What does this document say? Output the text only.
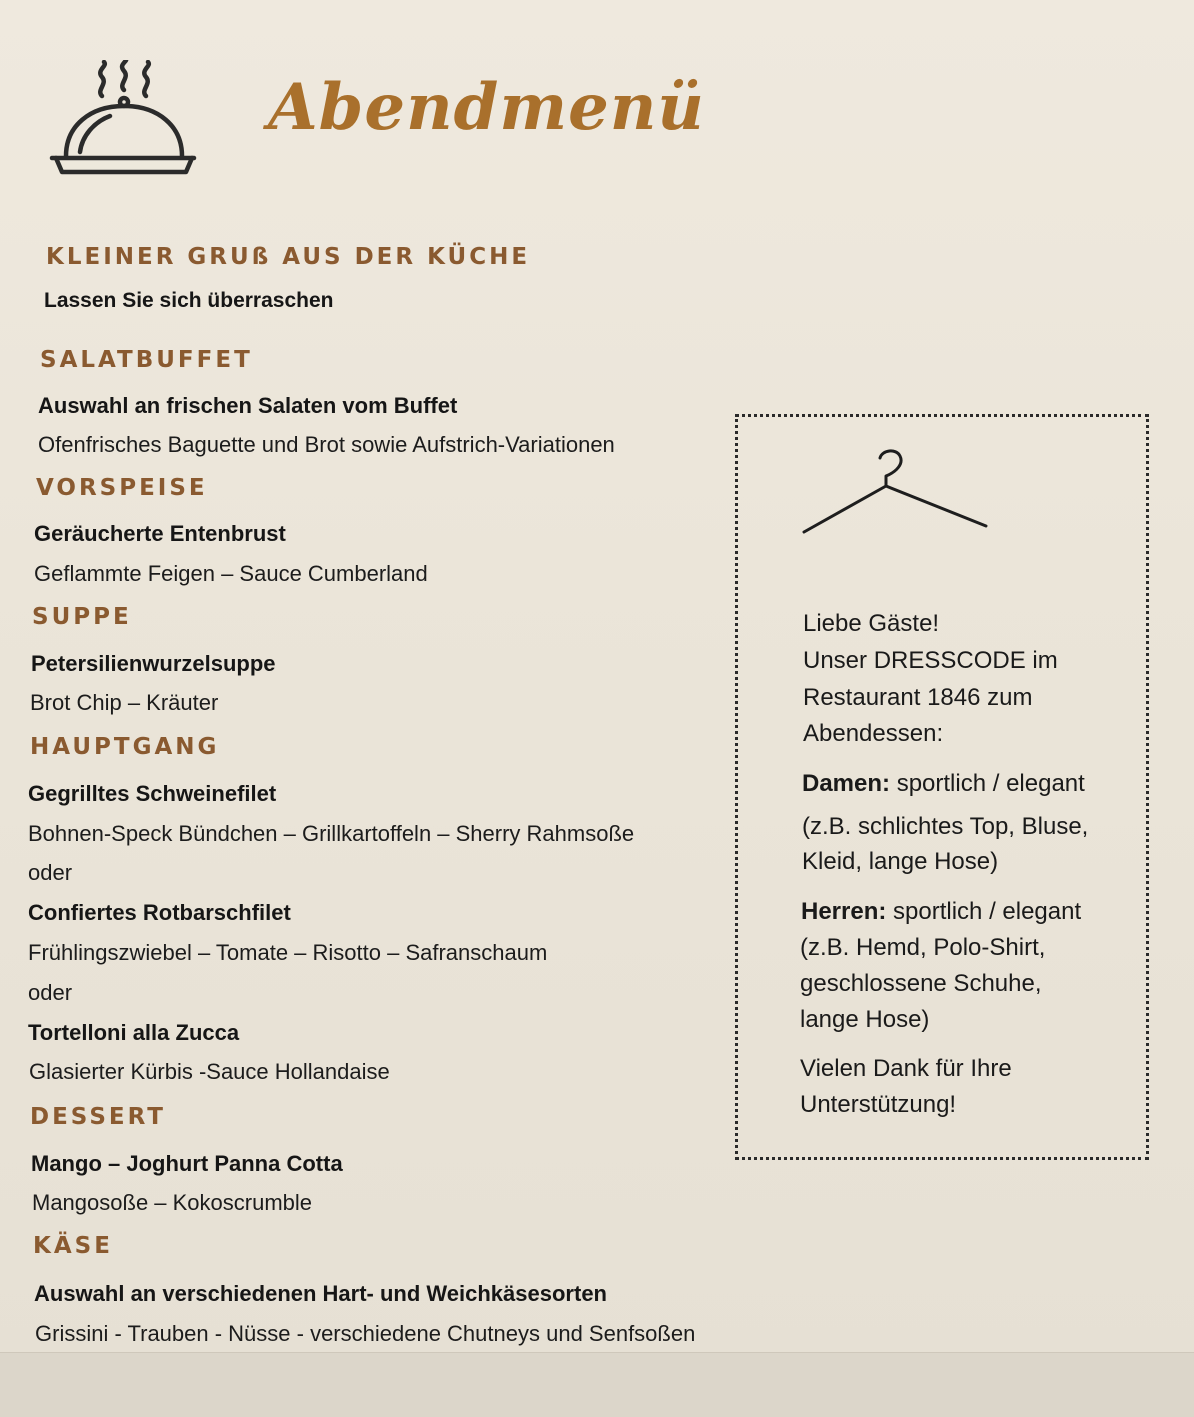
Abendmenü
KLEINER GRUß AUS DER KÜCHE
Lassen Sie sich überraschen
SALATBUFFET
Auswahl an frischen Salaten vom Buffet
Ofenfrisches Baguette und Brot sowie Aufstrich-Variationen
VORSPEISE
Geräucherte Entenbrust
Geflammte Feigen – Sauce Cumberland
SUPPE
Petersilienwurzelsuppe
Brot Chip – Kräuter
HAUPTGANG
Gegrilltes Schweinefilet
Bohnen-Speck Bündchen – Grillkartoffeln – Sherry Rahmsoße
oder
Confiertes Rotbarschfilet
Frühlingszwiebel – Tomate – Risotto – Safranschaum
oder
Tortelloni alla Zucca
Glasierter Kürbis -Sauce Hollandaise
DESSERT
Mango – Joghurt Panna Cotta
Mangosoße – Kokoscrumble
KÄSE
Auswahl an verschiedenen Hart- und Weichkäsesorten
Grissini - Trauben - Nüsse - verschiedene Chutneys und Senfsoßen
Liebe Gäste!
Unser DRESSCODE im
Restaurant 1846 zum
Abendessen:
Damen: sportlich / elegant
(z.B. schlichtes Top, Bluse,
Kleid, lange Hose)
Herren: sportlich / elegant
(z.B. Hemd, Polo-Shirt,
geschlossene Schuhe,
lange Hose)
Vielen Dank für Ihre
Unterstützung!
